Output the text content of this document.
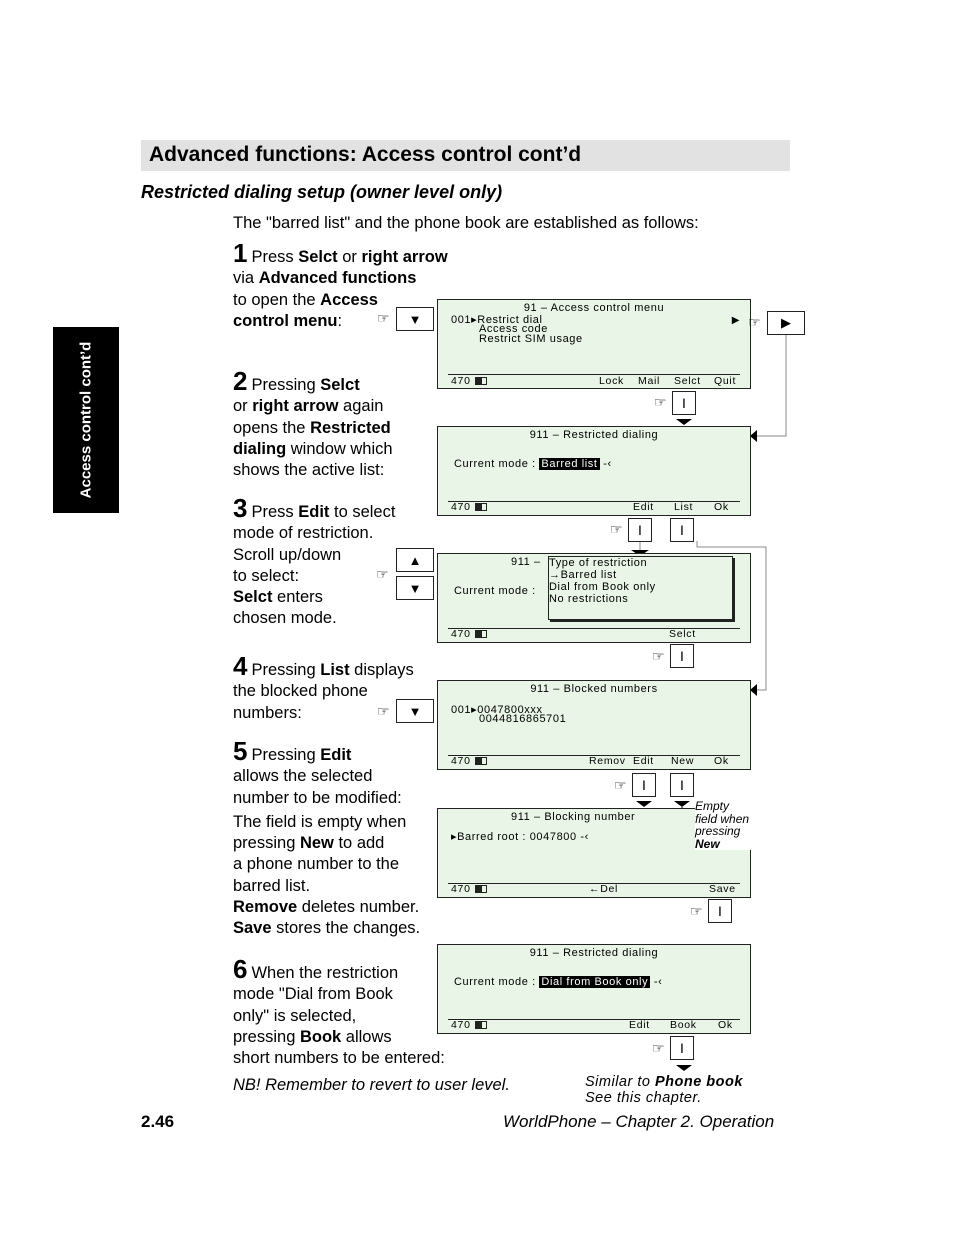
Advanced functions: Access control cont’d
Restricted dialing setup (owner level only)
The "barred list" and the phone book are established as follows:
Access control cont’d
1 Press Selct or right arrow
via Advanced functions
to open the Access
control menu:
2 Pressing Selct
or right arrow again
opens the Restricted
dialing window which
shows the active list:
3 Press Edit to select
mode of restriction.
Scroll up/down
to select:
Selct enters
chosen mode.
4 Pressing List displays
the blocked phone
numbers:
5 Pressing Edit
allows the selected
number to be modified:
The field is empty when
pressing New to add
a phone number to the
barred list.
Remove deletes number.
Save stores the changes.
6 When the restriction
mode "Dial from Book
only" is selected,
pressing Book allows
short numbers to be entered:
NB! Remember to revert to user level.
91 – Access control menu
001▸Restrict dial
Access code
Restrict SIM usage
▶
470	Lock Mail Selct Quit
911 – Restricted dialing
Current mode : Barred list ‑‹
470	Edit List Ok
911 –
Current mode :
470	Selct
Type of restriction
→Barred list
Dial from Book only
No restrictions
911 – Blocked numbers
001▸0047800xxx
0044816865701
470	Remov Edit New Ok
911 – Blocking number
▸Barred root : 0047800 ‑‹
470	←Del	Save
Empty
field when
pressing
New
911 – Restricted dialing
Current mode : Dial from Book only ‑‹
470	Edit Book Ok
☞ ▼	☞ ▶
☞ I
☞ I	I
▲
☞
▼
☞ I
☞ ▼
☞ I I
☞ I
☞ I
Similar to Phone book
See this chapter.
2.46	WorldPhone – Chapter 2. Operation
